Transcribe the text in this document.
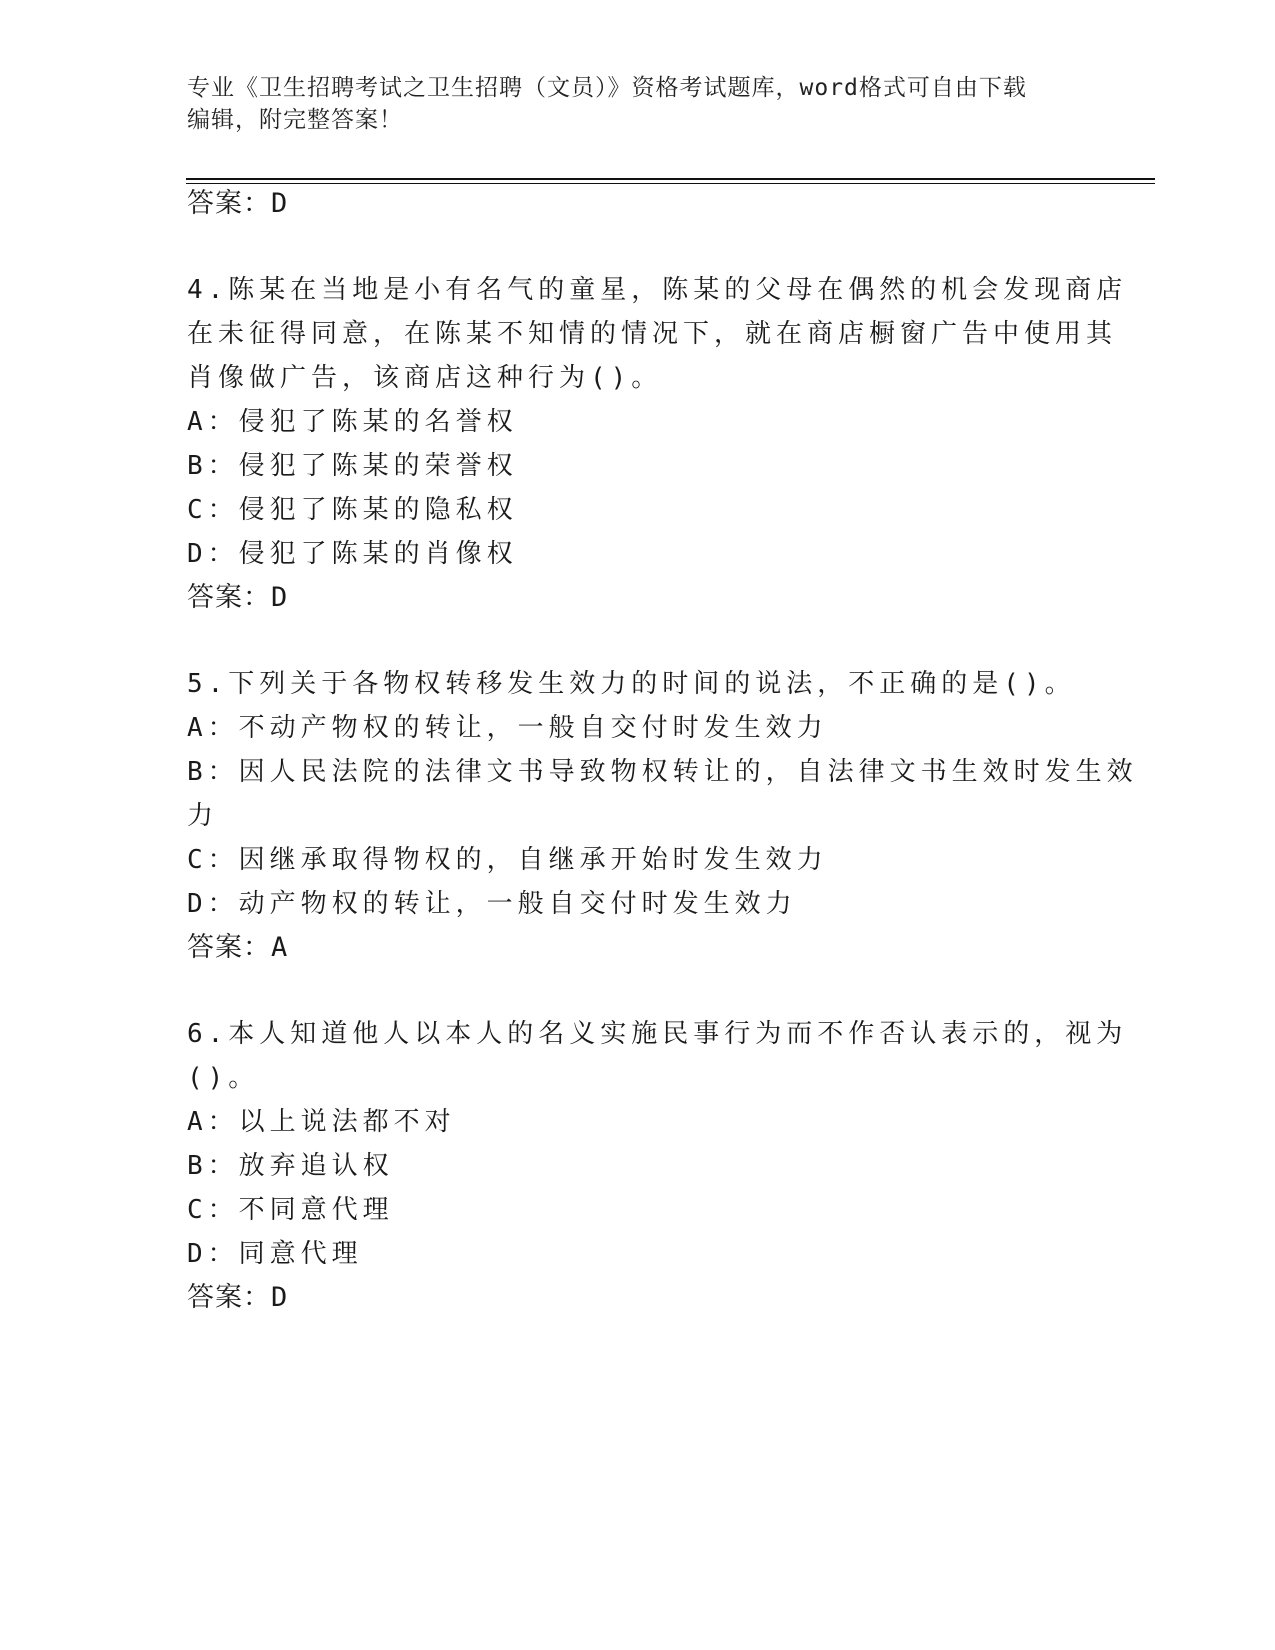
专业《卫生招聘考试之卫生招聘（文员）》资格考试题库，word格式可自由下载
编辑，附完整答案！
答案：D
4.陈某在当地是小有名气的童星，陈某的父母在偶然的机会发现商店
在未征得同意，在陈某不知情的情况下，就在商店橱窗广告中使用其
肖像做广告，该商店这种行为()。
A：侵犯了陈某的名誉权
B：侵犯了陈某的荣誉权
C：侵犯了陈某的隐私权
D：侵犯了陈某的肖像权
答案：D
5.下列关于各物权转移发生效力的时间的说法，不正确的是()。
A：不动产物权的转让，一般自交付时发生效力
B：因人民法院的法律文书导致物权转让的，自法律文书生效时发生效
力
C：因继承取得物权的，自继承开始时发生效力
D：动产物权的转让，一般自交付时发生效力
答案：A
6.本人知道他人以本人的名义实施民事行为而不作否认表示的，视为
()。
A：以上说法都不对
B：放弃追认权
C：不同意代理
D：同意代理
答案：D
